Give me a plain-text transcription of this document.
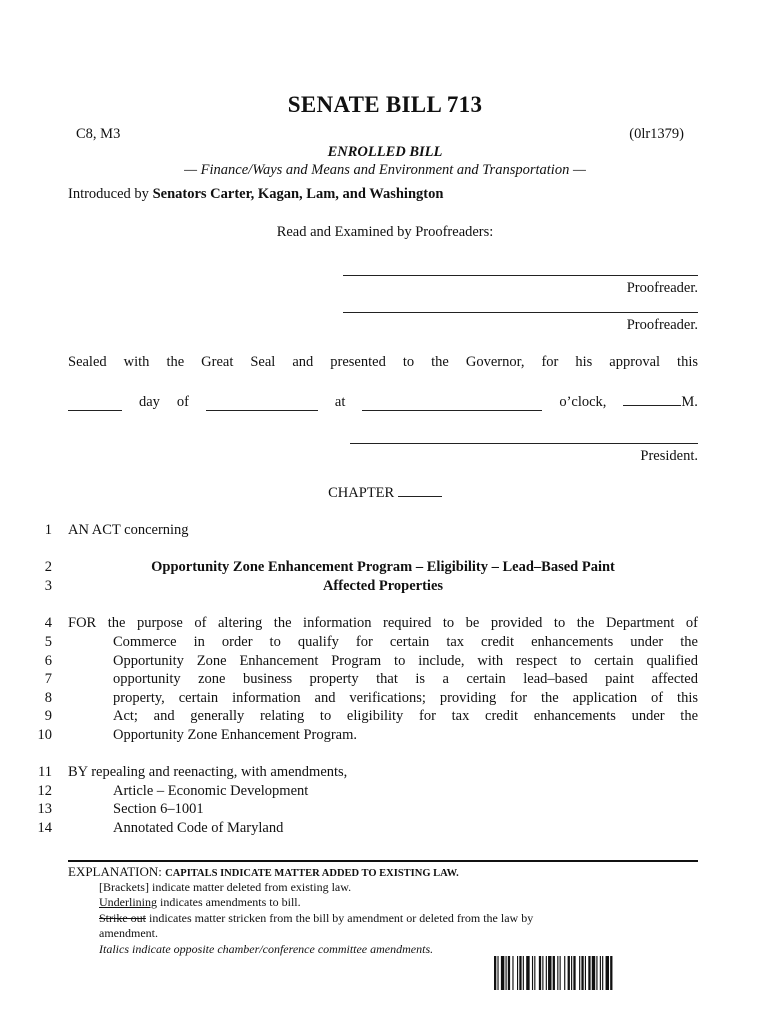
SENATE BILL 713
C8, M3	(0lr1379)
ENROLLED BILL
— Finance/Ways and Means and Environment and Transportation —
Introduced by Senators Carter, Kagan, Lam, and Washington
Read and Examined by Proofreaders:
Proofreader.
Proofreader.
Sealed with the Great Seal and presented to the Governor, for his approval this
day of	at	o’clock,	M.
President.
CHAPTER
1
2
3
4
5
6
7
8
9
10
11
12
13
14
AN ACT concerning
Opportunity Zone Enhancement Program – Eligibility – Lead–Based Paint
Affected Properties
FOR the purpose of altering the information required to be provided to the Department of
Commerce in order to qualify for certain tax credit enhancements under the
Opportunity Zone Enhancement Program to include, with respect to certain qualified
opportunity zone business property that is a certain lead–based paint affected
property, certain information and verifications; providing for the application of this
Act; and generally relating to eligibility for tax credit enhancements under the
Opportunity Zone Enhancement Program.
BY repealing and reenacting, with amendments,
Article – Economic Development
Section 6–1001
Annotated Code of Maryland
EXPLANATION: CAPITALS INDICATE MATTER ADDED TO EXISTING LAW.
[Brackets] indicate matter deleted from existing law.
Underlining indicates amendments to bill.
Strike out indicates matter stricken from the bill by amendment or deleted from the law by
amendment.
Italics indicate opposite chamber/conference committee amendments.
